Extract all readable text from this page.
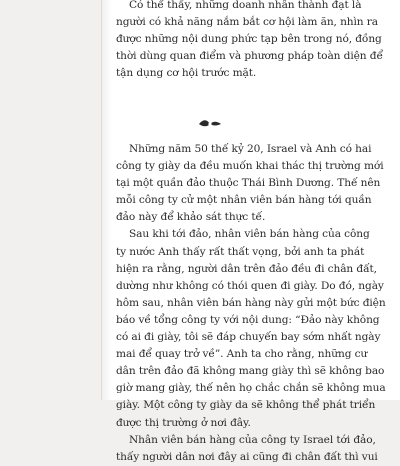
Có thể thấy, những doanh nhân thành đạt là
người có khả năng nắm bắt cơ hội làm ăn, nhìn ra
được những nội dung phức tạp bên trong nó, đồng
thời dùng quan điểm và phương pháp toàn diện để
tận dụng cơ hội trước mặt.
Những năm 50 thế kỷ 20, Israel và Anh có hai
công ty giày da đều muốn khai thác thị trường mới
tại một quần đảo thuộc Thái Bình Dương. Thế nên
mỗi công ty cử một nhân viên bán hàng tới quần
đảo này để khảo sát thực tế.
Sau khi tới đảo, nhân viên bán hàng của công
ty nước Anh thấy rất thất vọng, bởi anh ta phát
hiện ra rằng, người dân trên đảo đều đi chân đất,
dường như không có thói quen đi giày. Do đó, ngày
hôm sau, nhân viên bán hàng này gửi một bức điện
báo về tổng công ty với nội dung: “Đảo này không
có ai đi giày, tôi sẽ đáp chuyến bay sớm nhất ngày
mai để quay trở về”. Anh ta cho rằng, những cư
dân trên đảo đã không mang giày thì sẽ không bao
giờ mang giày, thế nên họ chắc chắn sẽ không mua
giày. Một công ty giày da sẽ không thể phát triển
được thị trường ở nơi đây.
Nhân viên bán hàng của công ty Israel tới đảo,
thấy người dân nơi đây ai cũng đi chân đất thì vui
